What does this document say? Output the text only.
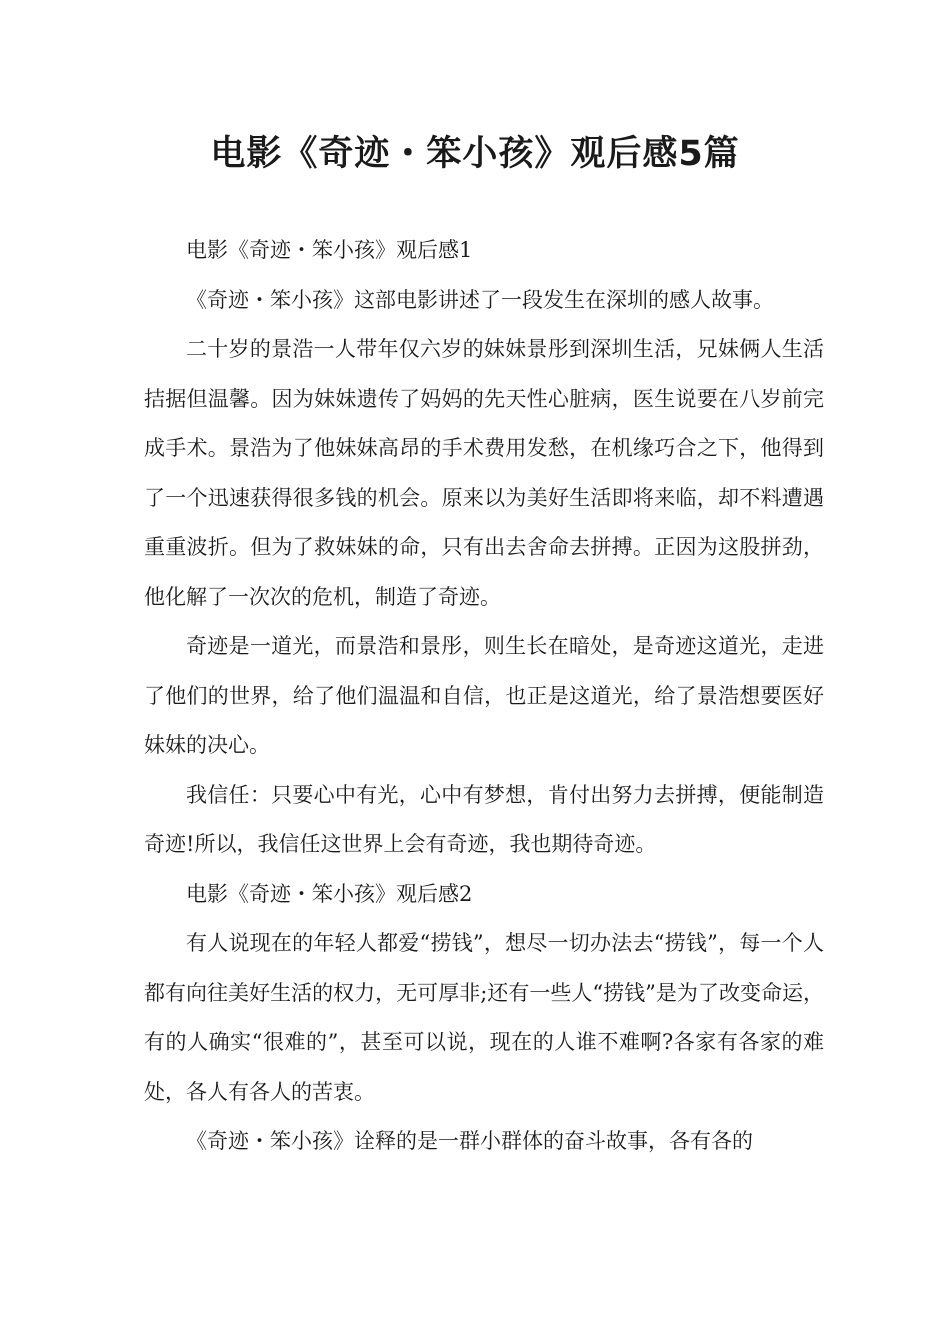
电影《奇迹・笨小孩》观后感5篇

电影《奇迹・笨小孩》观后感1

《奇迹・笨小孩》这部电影讲述了一段发生在深圳的感人故事。

二十岁的景浩一人带年仅六岁的妹妹景彤到深圳生活，兄妹俩人生活拮据但温馨。因为妹妹遗传了妈妈的先天性心脏病，医生说要在八岁前完成手术。景浩为了他妹妹高昂的手术费用发愁，在机缘巧合之下，他得到了一个迅速获得很多钱的机会。原来以为美好生活即将来临，却不料遭遇重重波折。但为了救妹妹的命，只有出去舍命去拼搏。正因为这股拼劲，他化解了一次次的危机，制造了奇迹。

奇迹是一道光，而景浩和景彤，则生长在暗处，是奇迹这道光，走进了他们的世界，给了他们温温和自信，也正是这道光，给了景浩想要医好妹妹的决心。

我信任：只要心中有光，心中有梦想，肯付出努力去拼搏，便能制造奇迹!所以，我信任这世界上会有奇迹，我也期待奇迹。

电影《奇迹・笨小孩》观后感2

有人说现在的年轻人都爱“捞钱”，想尽一切办法去“捞钱”，每一个人都有向往美好生活的权力，无可厚非;还有一些人“捞钱”是为了改变命运，有的人确实“很难的”，甚至可以说，现在的人谁不难啊?各家有各家的难处，各人有各人的苦衷。

《奇迹・笨小孩》诠释的是一群小群体的奋斗故事，各有各的
